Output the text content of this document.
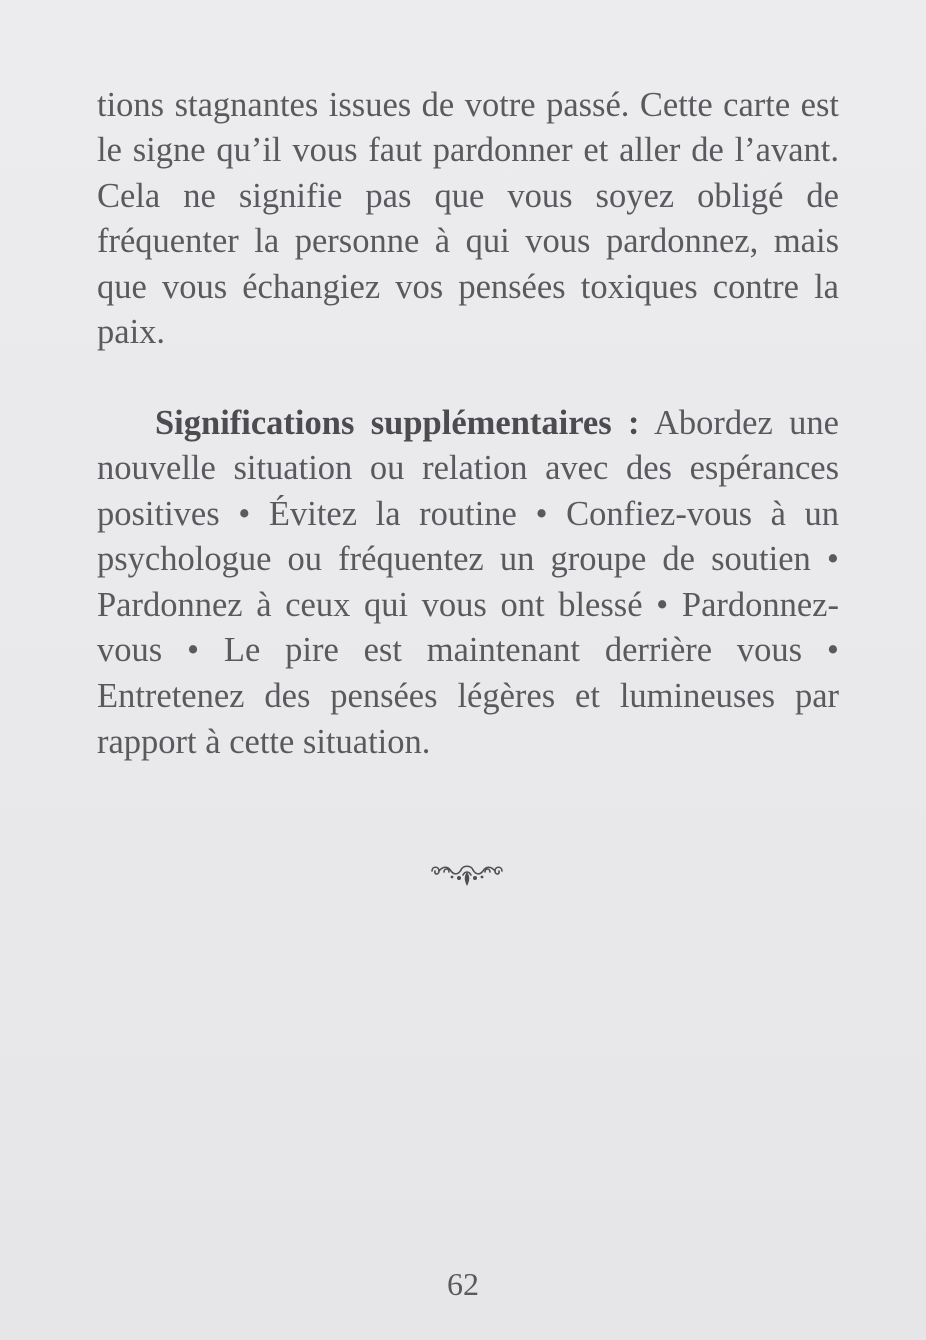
tions stagnantes issues de votre passé. Cette carte est le signe qu’il vous faut pardonner et aller de l’avant. Cela ne signifie pas que vous soyez obligé de fréquenter la personne à qui vous pardonnez, mais que vous échangiez vos pensées toxiques contre la paix.

Significations supplémentaires : Abordez une nouvelle situation ou relation avec des espérances positives • Évitez la routine • Confiez-vous à un psychologue ou fréquentez un groupe de soutien • Pardonnez à ceux qui vous ont blessé • Pardonnez-vous • Le pire est maintenant derrière vous • Entretenez des pensées légères et lumineuses par rapport à cette situation.

62
